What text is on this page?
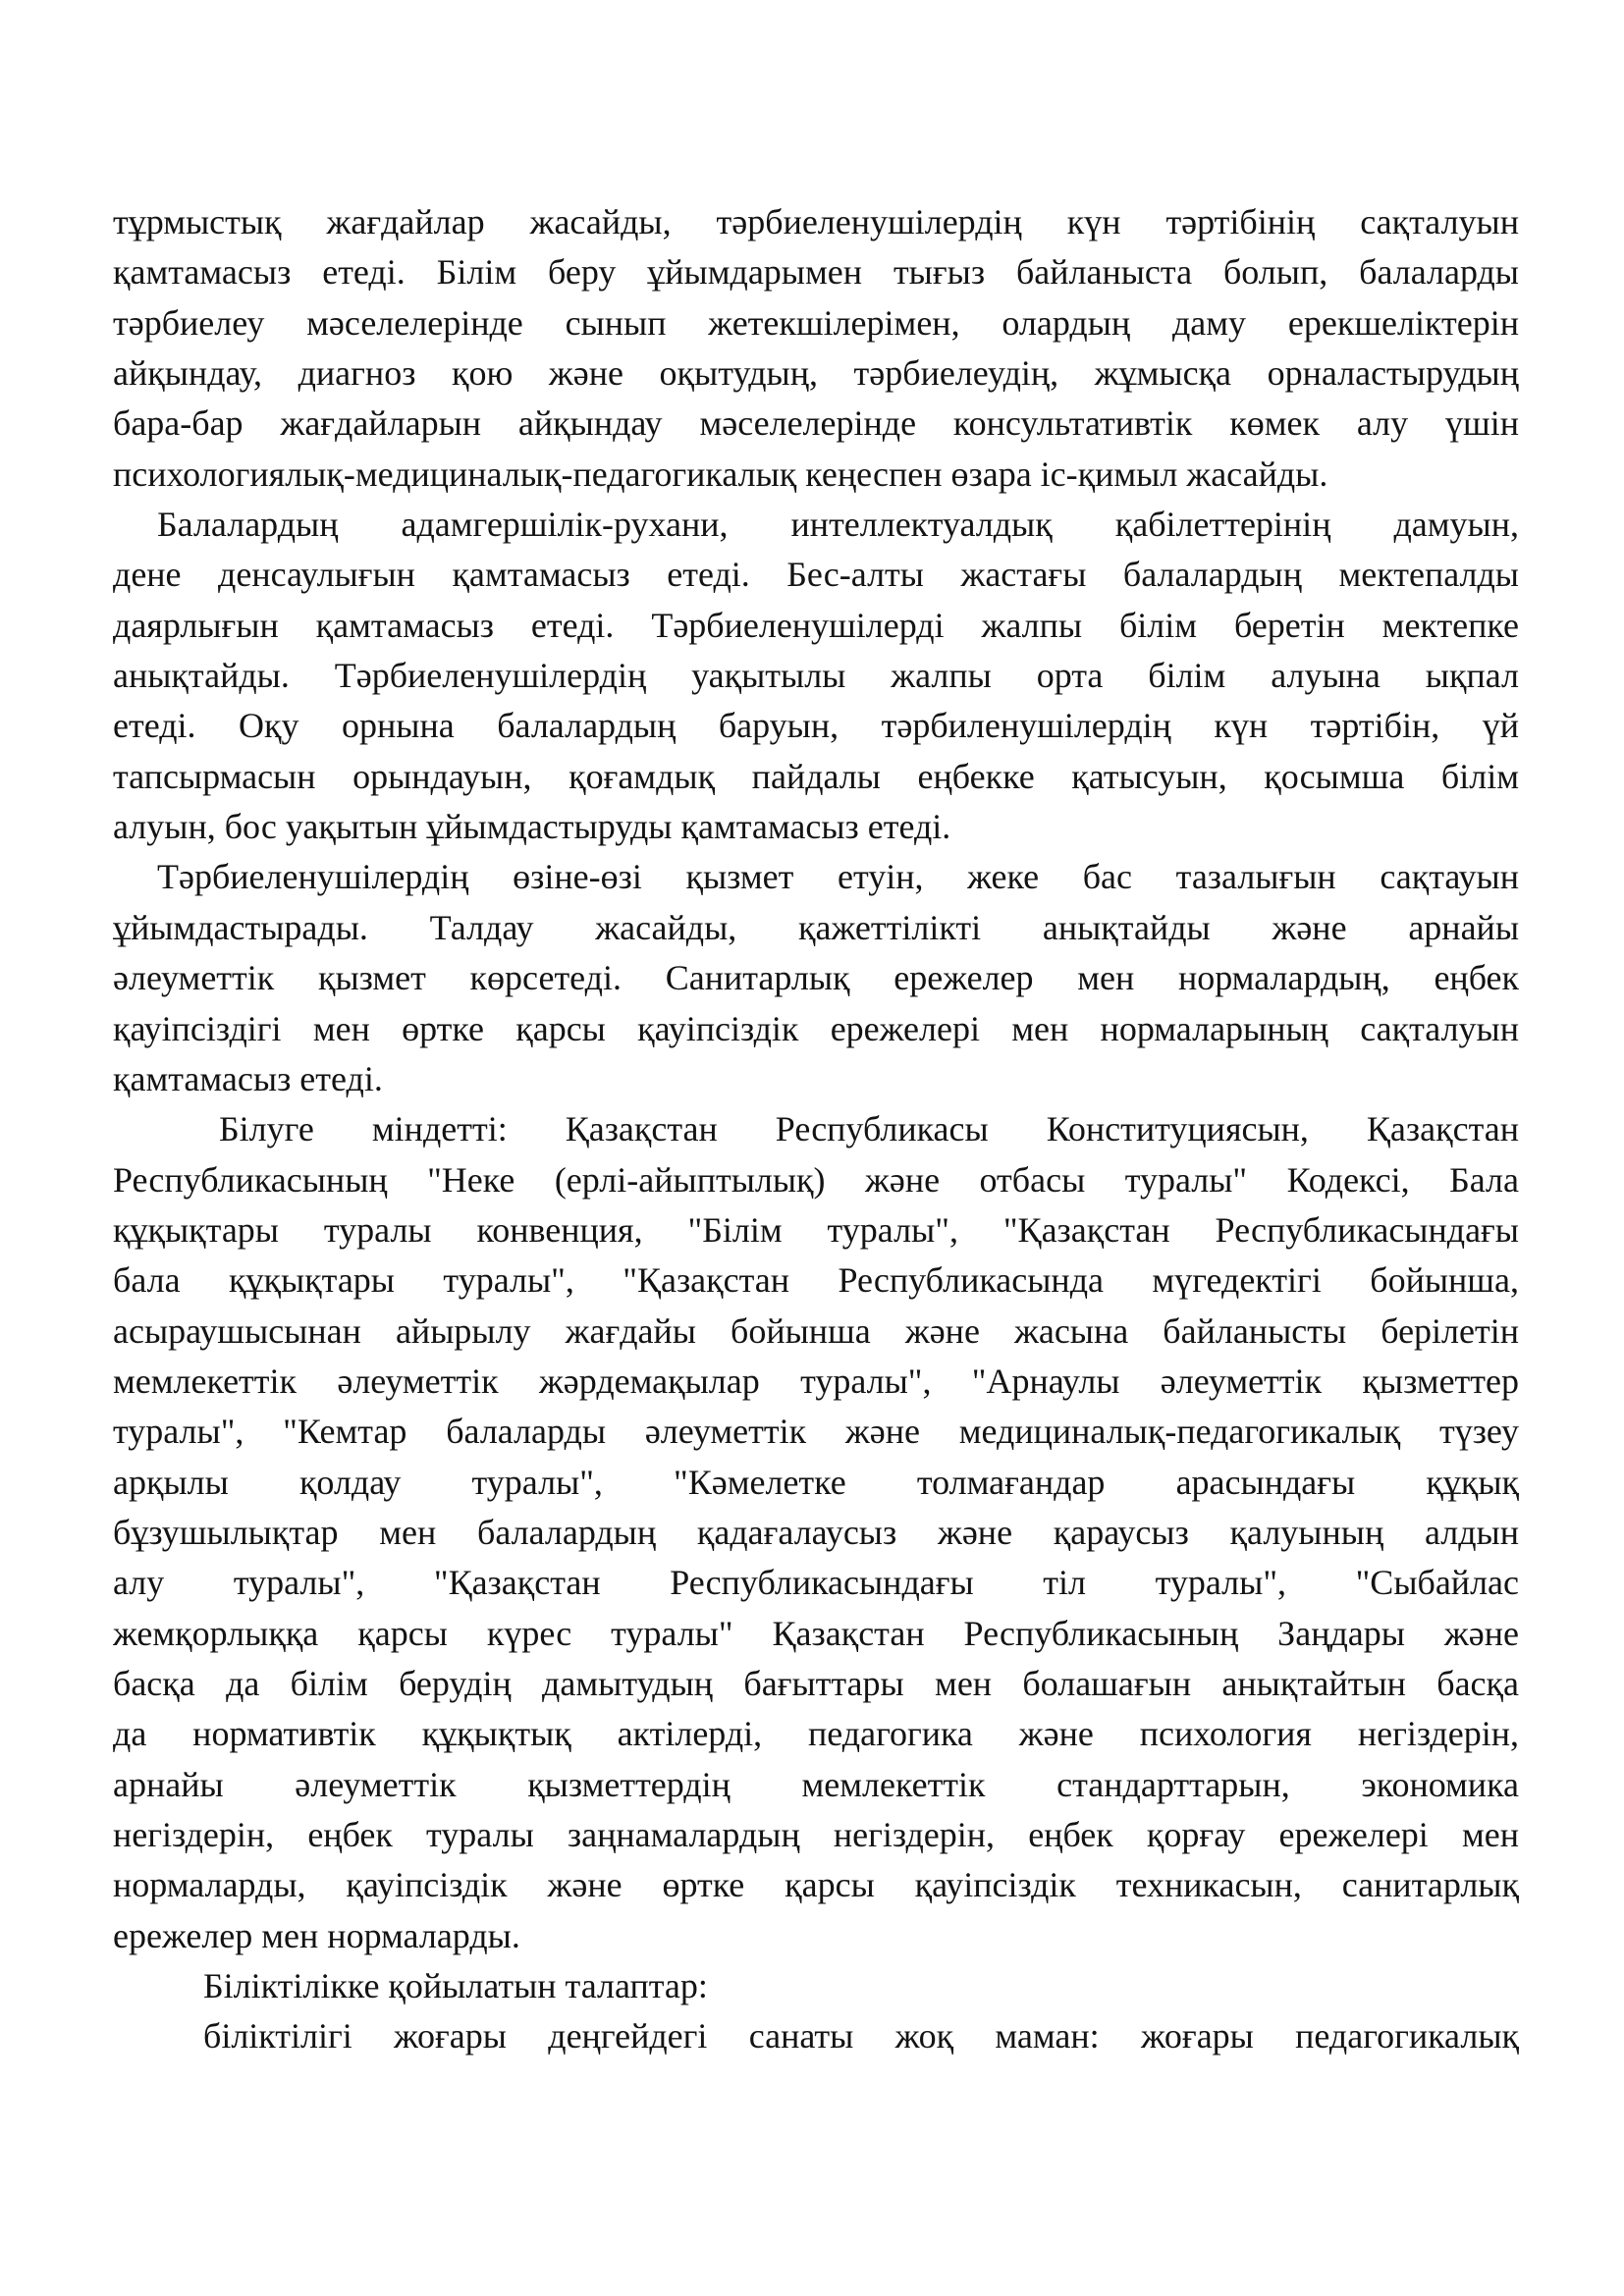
тұрмыстық жағдайлар жасайды, тәрбиеленушілердің күн тәртібінің сақталуын
қамтамасыз етеді. Білім беру ұйымдарымен тығыз байланыста болып, балаларды
тәрбиелеу мәселелерінде сынып жетекшілерімен, олардың даму ерекшеліктерін
айқындау, диагноз қою және оқытудың, тәрбиелеудің, жұмысқа орналастырудың
бара-бар жағдайларын айқындау мәселелерінде консультативтік көмек алу үшін
психологиялық-медициналық-педагогикалық кеңеспен өзара іс-қимыл жасайды.
Балалардың адамгершілік-рухани, интеллектуалдық қабілеттерінің дамуын,
дене денсаулығын қамтамасыз етеді. Бес-алты жастағы балалардың мектепалды
даярлығын қамтамасыз етеді. Тәрбиеленушілерді жалпы білім беретін мектепке
анықтайды. Тәрбиеленушілердің уақытылы жалпы орта білім алуына ықпал
етеді. Оқу орнына балалардың баруын, тәрбиленушілердің күн тәртібін, үй
тапсырмасын орындауын, қоғамдық пайдалы еңбекке қатысуын, қосымша білім
алуын, бос уақытын ұйымдастыруды қамтамасыз етеді.
Тәрбиеленушілердің өзіне-өзі қызмет етуін, жеке бас тазалығын сақтауын
ұйымдастырады. Талдау жасайды, қажеттілікті анықтайды және арнайы
әлеуметтік қызмет көрсетеді. Санитарлық ережелер мен нормалардың, еңбек
қауіпсіздігі мен өртке қарсы қауіпсіздік ережелері мен нормаларының сақталуын
қамтамасыз етеді.
Білуге міндетті: Қазақстан Республикасы Конституциясын, Қазақстан
Республикасының "Неке (ерлі-айыптылық) және отбасы туралы" Кодексі, Бала
құқықтары туралы конвенция, "Білім туралы", "Қазақстан Республикасындағы
бала құқықтары туралы", "Қазақстан Республикасында мүгедектігі бойынша,
асыраушысынан айырылу жағдайы бойынша және жасына байланысты берілетін
мемлекеттік әлеуметтік жәрдемақылар туралы", "Арнаулы әлеуметтік қызметтер
туралы", "Кемтар балаларды әлеуметтік және медициналық-педагогикалық түзеу
арқылы қолдау туралы", "Кәмелетке толмағандар арасындағы құқық
бұзушылықтар мен балалардың қадағалаусыз және қараусыз қалуының алдын
алу туралы", "Қазақстан Республикасындағы тіл туралы", "Сыбайлас
жемқорлыққа қарсы күрес туралы" Қазақстан Республикасының Заңдары және
басқа да білім берудің дамытудың бағыттары мен болашағын анықтайтын басқа
да нормативтік құқықтық актілерді, педагогика және психология негіздерін,
арнайы әлеуметтік қызметтердің мемлекеттік стандарттарын, экономика
негіздерін, еңбек туралы заңнамалардың негіздерін, еңбек қорғау ережелері мен
нормаларды, қауіпсіздік және өртке қарсы қауіпсіздік техникасын, санитарлық
ережелер мен нормаларды.
Біліктілікке қойылатын талаптар:
біліктілігі жоғары деңгейдегі санаты жоқ маман: жоғары педагогикалық
